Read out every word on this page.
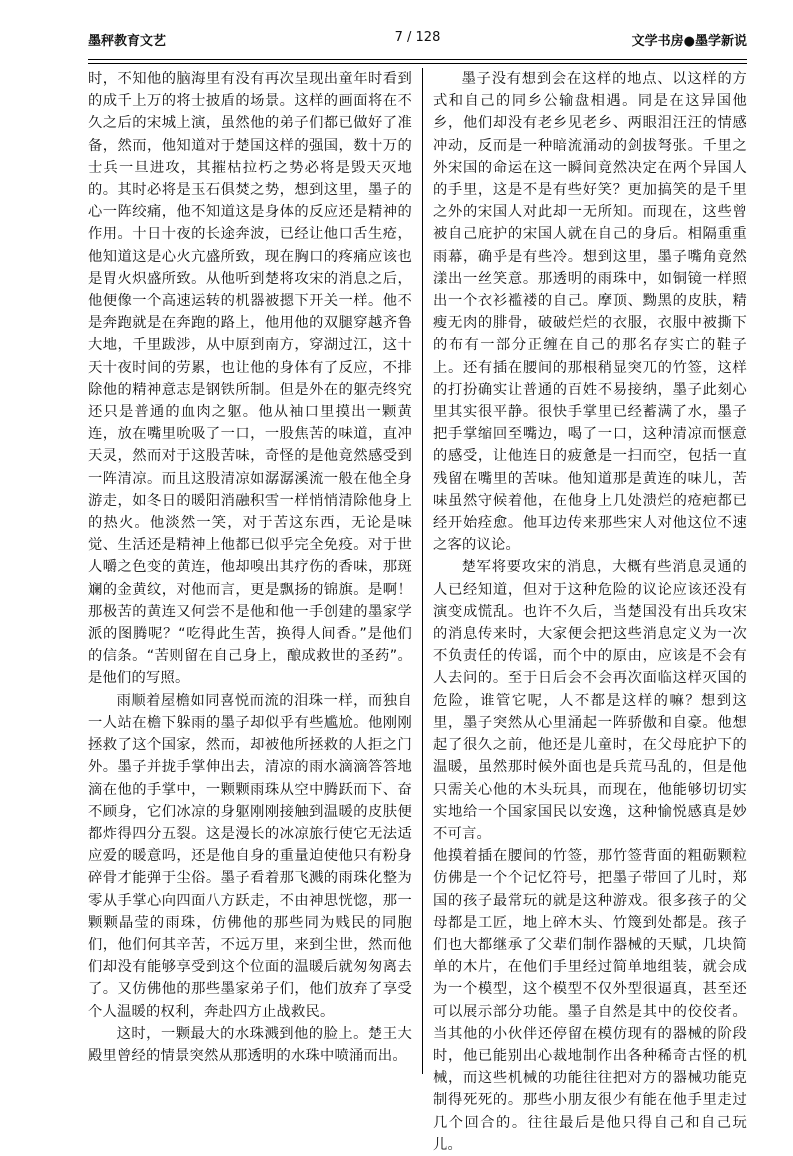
墨秤教育文艺	7 / 128	文学书房●墨学新说

时，不知他的脑海里有没有再次呈现出童年时看到的成千上万的将士披盾的场景。这样的画面将在不久之后的宋城上演，虽然他的弟子们都已做好了准备，然而，他知道对于楚国这样的强国，数十万的士兵一旦进攻，其摧枯拉朽之势必将是毁天灭地的。其时必将是玉石俱焚之势，想到这里，墨子的心一阵绞痛，他不知道这是身体的反应还是精神的作用。十日十夜的长途奔波，已经让他口舌生疮，他知道这是心火亢盛所致，现在胸口的疼痛应该也是胃火炽盛所致。从他听到楚将攻宋的消息之后，他便像一个高速运转的机器被摁下开关一样。他不是奔跑就是在奔跑的路上，他用他的双腿穿越齐鲁大地，千里跋涉，从中原到南方，穿湖过江，这十天十夜时间的劳累，也让他的身体有了反应，不排除他的精神意志是钢铁所制。但是外在的躯壳终究还只是普通的血肉之躯。他从袖口里摸出一颗黄连，放在嘴里吮吸了一口，一股焦苦的味道，直冲天灵，然而对于这股苦味，奇怪的是他竟然感受到一阵清凉。而且这股清凉如潺潺溪流一般在他全身游走，如冬日的暖阳消融积雪一样悄悄清除他身上的热火。他淡然一笑，对于苦这东西，无论是味觉、生活还是精神上他都已似乎完全免疫。对于世人嚼之色变的黄连，他却嗅出其疗伤的香味，那斑斓的金黄纹，对他而言，更是飘扬的锦旗。是啊！那极苦的黄连又何尝不是他和他一手创建的墨家学派的图腾呢？“吃得此生苦，换得人间香。”是他们的信条。“苦则留在自己身上，酿成救世的圣药”。是他们的写照。

雨顺着屋檐如同喜悦而流的泪珠一样，而独自一人站在檐下躲雨的墨子却似乎有些尴尬。他刚刚拯救了这个国家，然而，却被他所拯救的人拒之门外。墨子并拢手掌伸出去，清凉的雨水滴滴答答地滴在他的手掌中，一颗颗雨珠从空中腾跃而下、奋不顾身，它们冰凉的身躯刚刚接触到温暖的皮肤便都炸得四分五裂。这是漫长的冰凉旅行使它无法适应爱的暖意吗，还是他自身的重量迫使他只有粉身碎骨才能弹于尘俗。墨子看着那飞溅的雨珠化整为零从手掌心向四面八方跃走，不由神思恍惚，那一颗颗晶莹的雨珠，仿佛他的那些同为贱民的同胞们，他们何其辛苦，不远万里，来到尘世，然而他们却没有能够享受到这个位面的温暖后就匆匆离去了。又仿佛他的那些墨家弟子们，他们放弃了享受个人温暖的权利，奔赴四方止战救民。

这时，一颗最大的水珠溅到他的脸上。楚王大殿里曾经的情景突然从那透明的水珠中喷涌而出。

墨子没有想到会在这样的地点、以这样的方式和自己的同乡公输盘相遇。同是在这异国他乡，他们却没有老乡见老乡、两眼泪汪汪的情感冲动，反而是一种暗流涌动的剑拔弩张。千里之外宋国的命运在这一瞬间竟然决定在两个异国人的手里，这是不是有些好笑？更加搞笑的是千里之外的宋国人对此却一无所知。而现在，这些曾被自己庇护的宋国人就在自己的身后。相隔重重雨幕，确乎是有些冷。想到这里，墨子嘴角竟然漾出一丝笑意。那透明的雨珠中，如铜镜一样照出一个衣衫褴褛的自己。摩顶、黝黑的皮肤，精瘦无肉的腓骨，破破烂烂的衣服，衣服中被撕下的布有一部分正缠在自己的那名存实亡的鞋子上。还有插在腰间的那根稍显突兀的竹签，这样的打扮确实让普通的百姓不易接纳，墨子此刻心里其实很平静。很快手掌里已经蓄满了水，墨子把手掌缩回至嘴边，喝了一口，这种清凉而惬意的感受，让他连日的疲惫是一扫而空，包括一直残留在嘴里的苦味。他知道那是黄连的味儿，苦味虽然守候着他，在他身上几处溃烂的疮疤都已经开始痊愈。他耳边传来那些宋人对他这位不速之客的议论。

楚军将要攻宋的消息，大概有些消息灵通的人已经知道，但对于这种危险的议论应该还没有演变成慌乱。也许不久后，当楚国没有出兵攻宋的消息传来时，大家便会把这些消息定义为一次不负责任的传谣，而个中的原由，应该是不会有人去问的。至于日后会不会再次面临这样灭国的危险，谁管它呢，人不都是这样的嘛？想到这里，墨子突然从心里涌起一阵骄傲和自豪。他想起了很久之前，他还是儿童时，在父母庇护下的温暖，虽然那时候外面也是兵荒马乱的，但是他只需关心他的木头玩具，而现在，他能够切切实实地给一个国家国民以安逸，这种愉悦感真是妙不可言。

他摸着插在腰间的竹签，那竹签背面的粗砺颗粒仿佛是一个个记忆符号，把墨子带回了儿时，郑国的孩子最常玩的就是这种游戏。很多孩子的父母都是工匠，地上碎木头、竹篾到处都是。孩子们也大都继承了父辈们制作器械的天赋，几块简单的木片，在他们手里经过简单地组装，就会成为一个模型，这个模型不仅外型很逼真，甚至还可以展示部分功能。墨子自然是其中的佼佼者。当其他的小伙伴还停留在模仿现有的器械的阶段时，他已能别出心裁地制作出各种稀奇古怪的机械，而这些机械的功能往往把对方的器械功能克制得死死的。那些小朋友很少有能在他手里走过几个回合的。往往最后是他只得自己和自己玩儿。
